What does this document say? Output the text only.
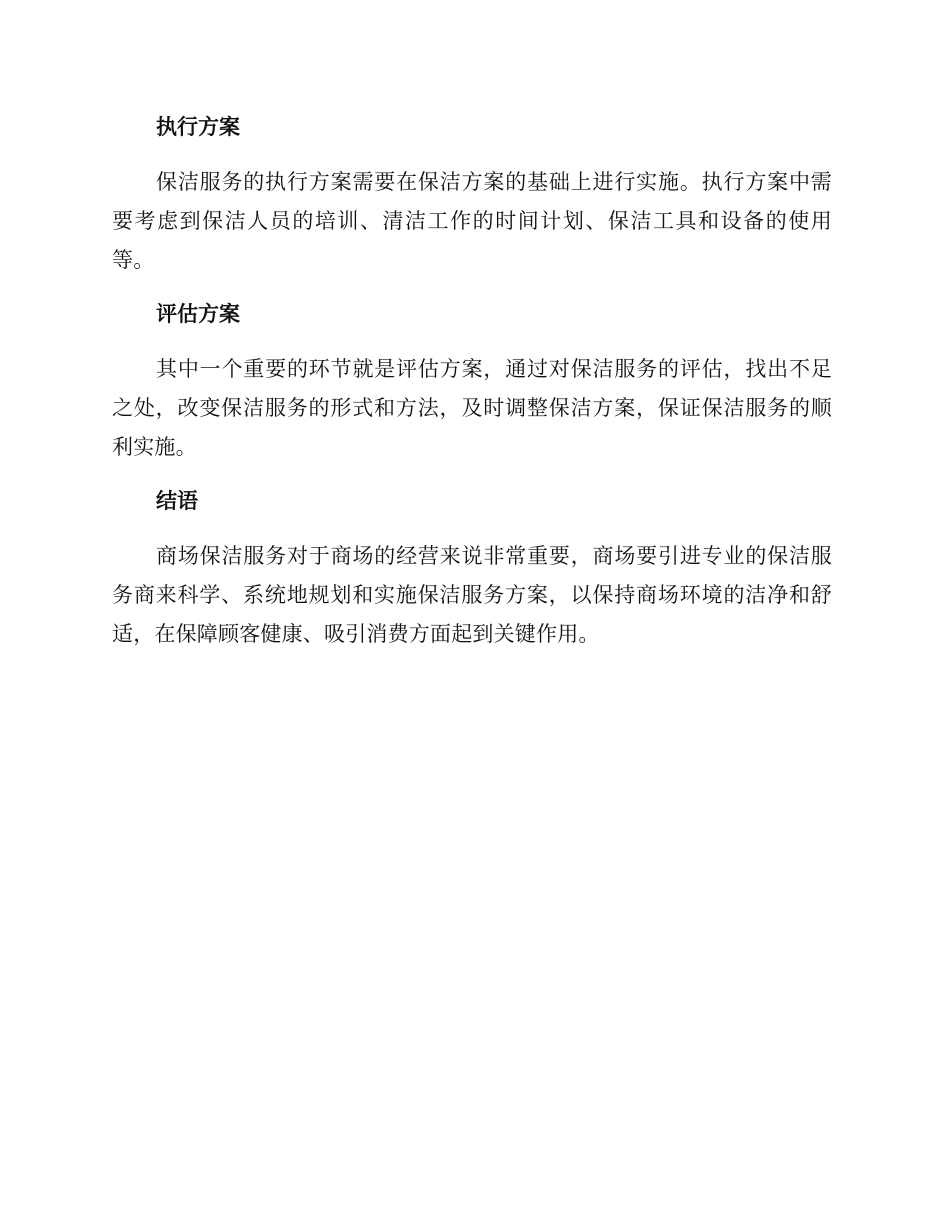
执行方案

保洁服务的执行方案需要在保洁方案的基础上进行实施。执行方案中需要考虑到保洁人员的培训、清洁工作的时间计划、保洁工具和设备的使用等。

评估方案

其中一个重要的环节就是评估方案，通过对保洁服务的评估，找出不足之处，改变保洁服务的形式和方法，及时调整保洁方案，保证保洁服务的顺利实施。

结语

商场保洁服务对于商场的经营来说非常重要，商场要引进专业的保洁服务商来科学、系统地规划和实施保洁服务方案，以保持商场环境的洁净和舒适，在保障顾客健康、吸引消费方面起到关键作用。
